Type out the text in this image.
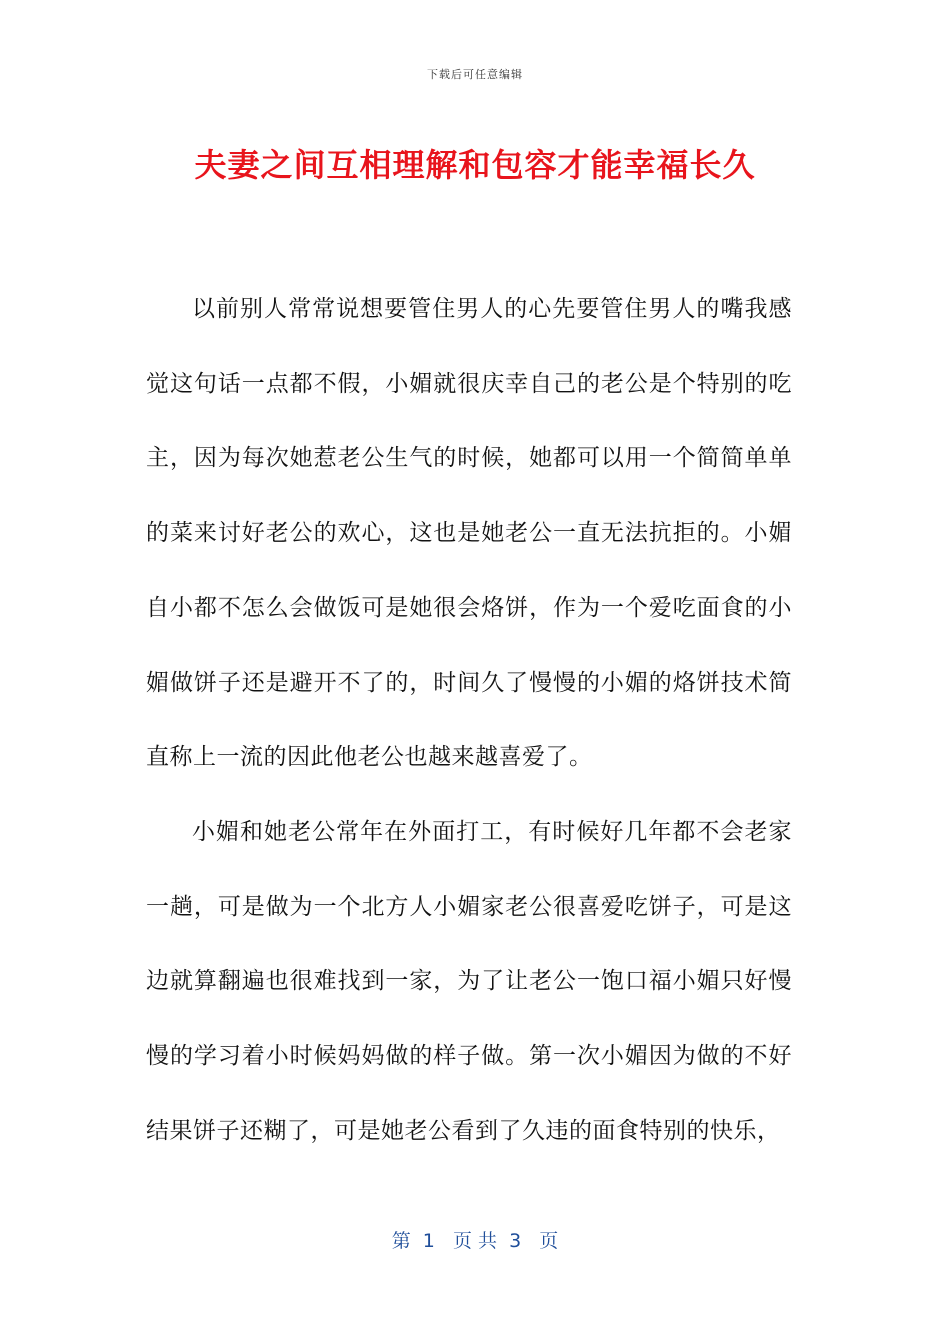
下载后可任意编辑
夫妻之间互相理解和包容才能幸福长久

以前别人常常说想要管住男人的心先要管住男人的嘴我感觉这句话一点都不假，小媚就很庆幸自己的老公是个特别的吃主，因为每次她惹老公生气的时候，她都可以用一个简简单单的菜来讨好老公的欢心，这也是她老公一直无法抗拒的。小媚自小都不怎么会做饭可是她很会烙饼，作为一个爱吃面食的小媚做饼子还是避开不了的，时间久了慢慢的小媚的烙饼技术简直称上一流的因此他老公也越来越喜爱了。

小媚和她老公常年在外面打工，有时候好几年都不会老家一趟，可是做为一个北方人小媚家老公很喜爱吃饼子，可是这边就算翻遍也很难找到一家，为了让老公一饱口福小媚只好慢慢的学习着小时候妈妈做的样子做。第一次小媚因为做的不好结果饼子还糊了，可是她老公看到了久违的面食特别的快乐，

第  1   页 共  3   页
